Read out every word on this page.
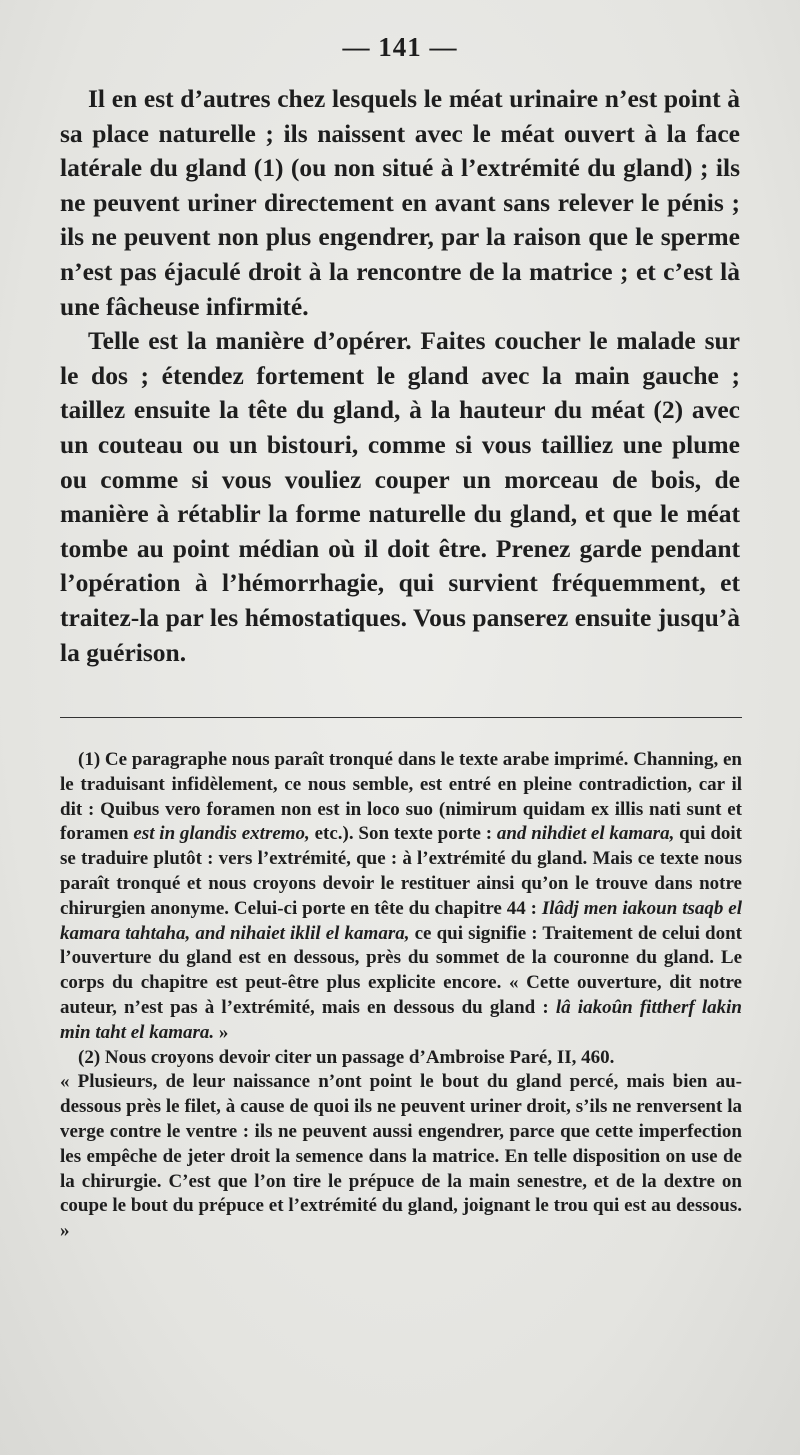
— 141 —

Il en est d’autres chez lesquels le méat urinaire n’est point à sa place naturelle ; ils naissent avec le méat ouvert à la face latérale du gland (1) (ou non situé à l’extrémité du gland) ; ils ne peuvent uriner directement en avant sans relever le pénis ; ils ne peuvent non plus engendrer, par la raison que le sperme n’est pas éjaculé droit à la rencontre de la matrice ; et c’est là une fâcheuse infirmité.

Telle est la manière d’opérer. Faites coucher le malade sur le dos ; étendez fortement le gland avec la main gauche ; taillez ensuite la tête du gland, à la hauteur du méat (2) avec un couteau ou un bistouri, comme si vous tailliez une plume ou comme si vous vouliez couper un morceau de bois, de manière à rétablir la forme naturelle du gland, et que le méat tombe au point médian où il doit être. Prenez garde pendant l’opération à l’hémorrhagie, qui survient fréquemment, et traitez-la par les hémostatiques. Vous panserez ensuite jusqu’à la guérison.

(1) Ce paragraphe nous paraît tronqué dans le texte arabe imprimé. Channing, en le traduisant infidèlement, ce nous semble, est entré en pleine contradiction, car il dit : Quibus vero foramen non est in loco suo (nimirum quidam ex illis nati sunt et foramen est in glandis extremo, etc.). Son texte porte : and nihdiet el kamara, qui doit se traduire plutôt : vers l’extrémité, que : à l’extrémité du gland. Mais ce texte nous paraît tronqué et nous croyons devoir le restituer ainsi qu’on le trouve dans notre chirurgien anonyme. Celui-ci porte en tête du chapitre 44 : Ilâdj men iakoun tsaqb el kamara tahtaha, and nihaiet iklil el kamara, ce qui signifie : Traitement de celui dont l’ouverture du gland est en dessous, près du sommet de la couronne du gland. Le corps du chapitre est peut-être plus explicite encore. « Cette ouverture, dit notre auteur, n’est pas à l’extrémité, mais en dessous du gland : lâ iakoûn fittherf lakin min taht el kamara. »

(2) Nous croyons devoir citer un passage d’Ambroise Paré, II, 460.

« Plusieurs, de leur naissance n’ont point le bout du gland percé, mais bien au-dessous près le filet, à cause de quoi ils ne peuvent uriner droit, s’ils ne renversent la verge contre le ventre : ils ne peuvent aussi engendrer, parce que cette imperfection les empêche de jeter droit la semence dans la matrice. En telle disposition on use de la chirurgie. C’est que l’on tire le prépuce de la main senestre, et de la dextre on coupe le bout du prépuce et l’extrémité du gland, joignant le trou qui est au dessous. »
